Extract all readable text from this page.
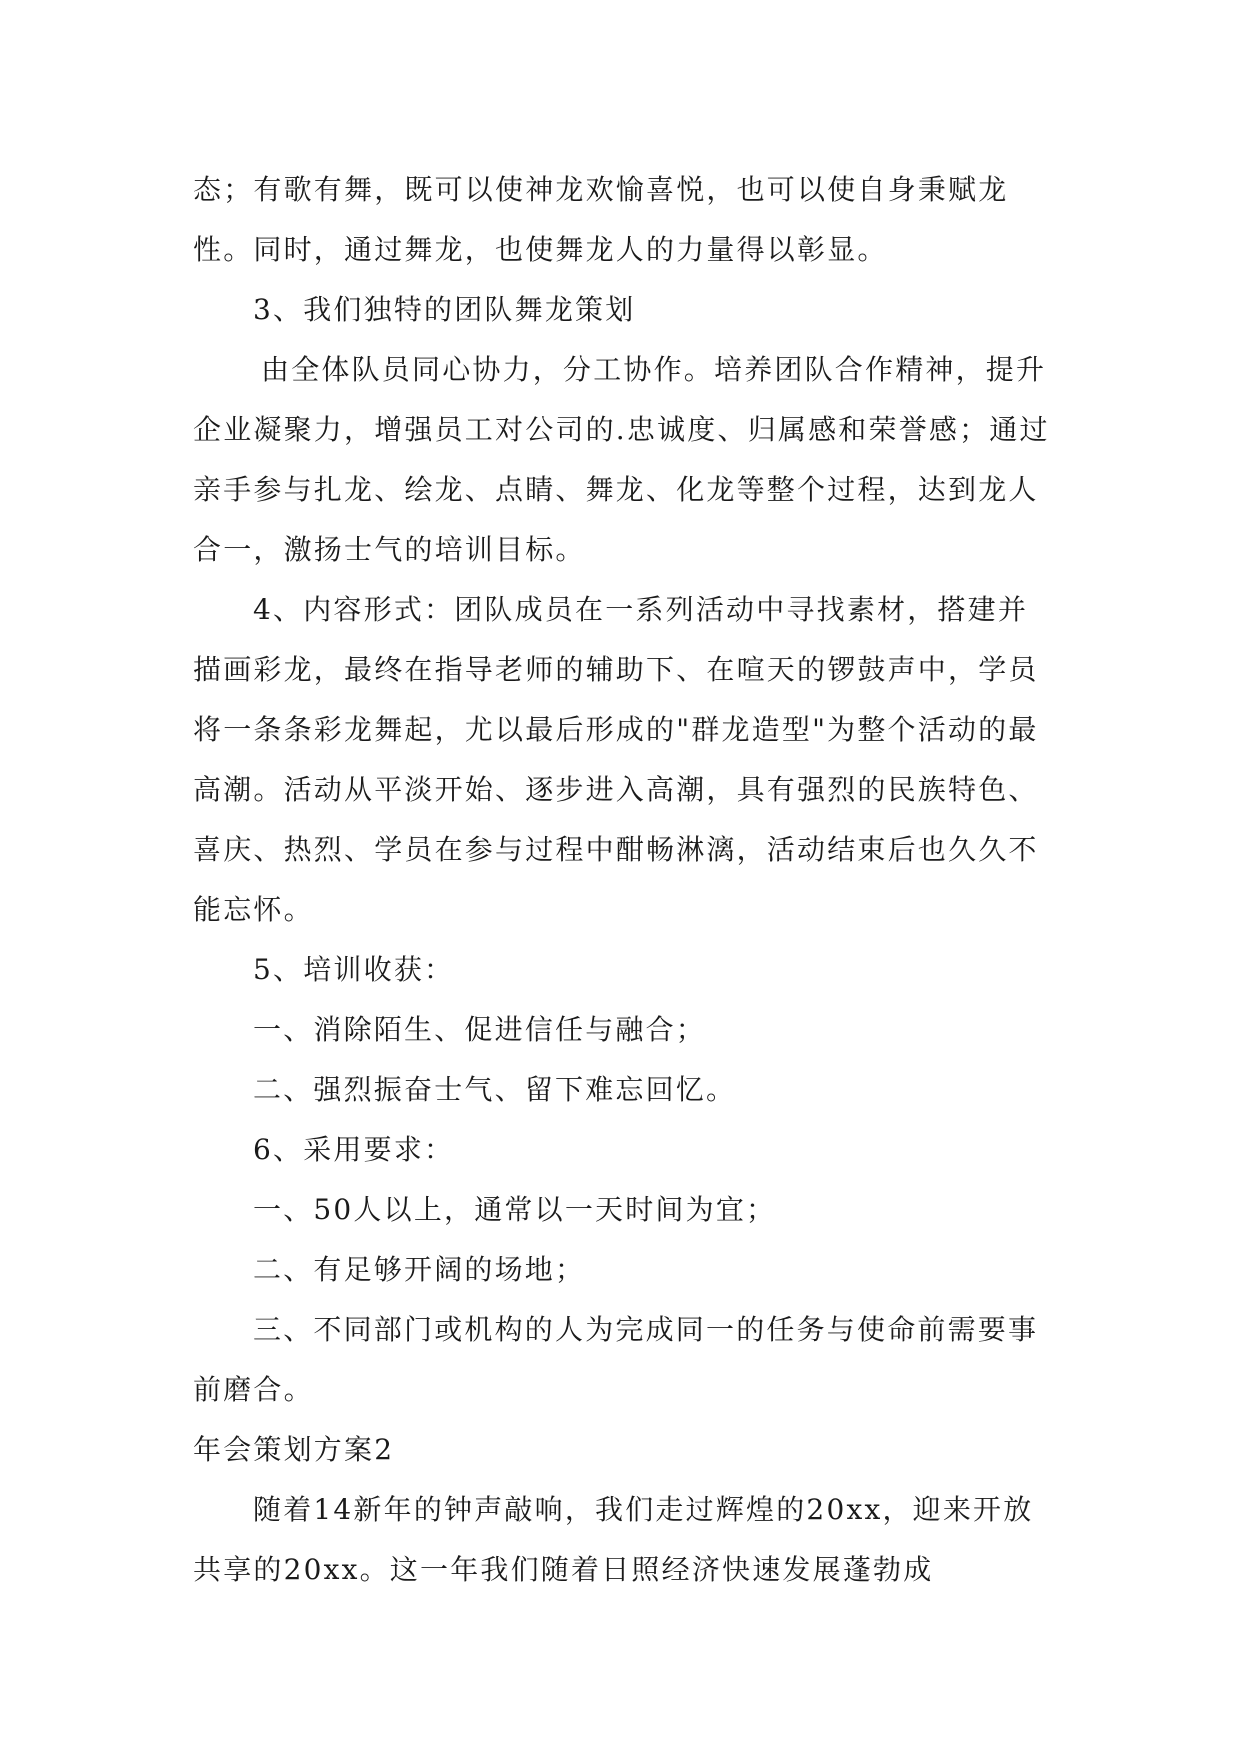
态；有歌有舞，既可以使神龙欢愉喜悦，也可以使自身秉赋龙性。同时，通过舞龙，也使舞龙人的力量得以彰显。

3、我们独特的团队舞龙策划

由全体队员同心协力，分工协作。培养团队合作精神，提升企业凝聚力，增强员工对公司的.忠诚度、归属感和荣誉感；通过亲手参与扎龙、绘龙、点睛、舞龙、化龙等整个过程，达到龙人合一，激扬士气的培训目标。

4、内容形式：团队成员在一系列活动中寻找素材，搭建并描画彩龙，最终在指导老师的辅助下、在喧天的锣鼓声中，学员将一条条彩龙舞起，尤以最后形成的"群龙造型"为整个活动的最高潮。活动从平淡开始、逐步进入高潮，具有强烈的民族特色、喜庆、热烈、学员在参与过程中酣畅淋漓，活动结束后也久久不能忘怀。

5、培训收获：

一、消除陌生、促进信任与融合；

二、强烈振奋士气、留下难忘回忆。

6、采用要求：

一、50人以上，通常以一天时间为宜；

二、有足够开阔的场地；

三、不同部门或机构的人为完成同一的任务与使命前需要事前磨合。

年会策划方案2

随着14新年的钟声敲响，我们走过辉煌的20xx，迎来开放共享的20xx。这一年我们随着日照经济快速发展蓬勃成
